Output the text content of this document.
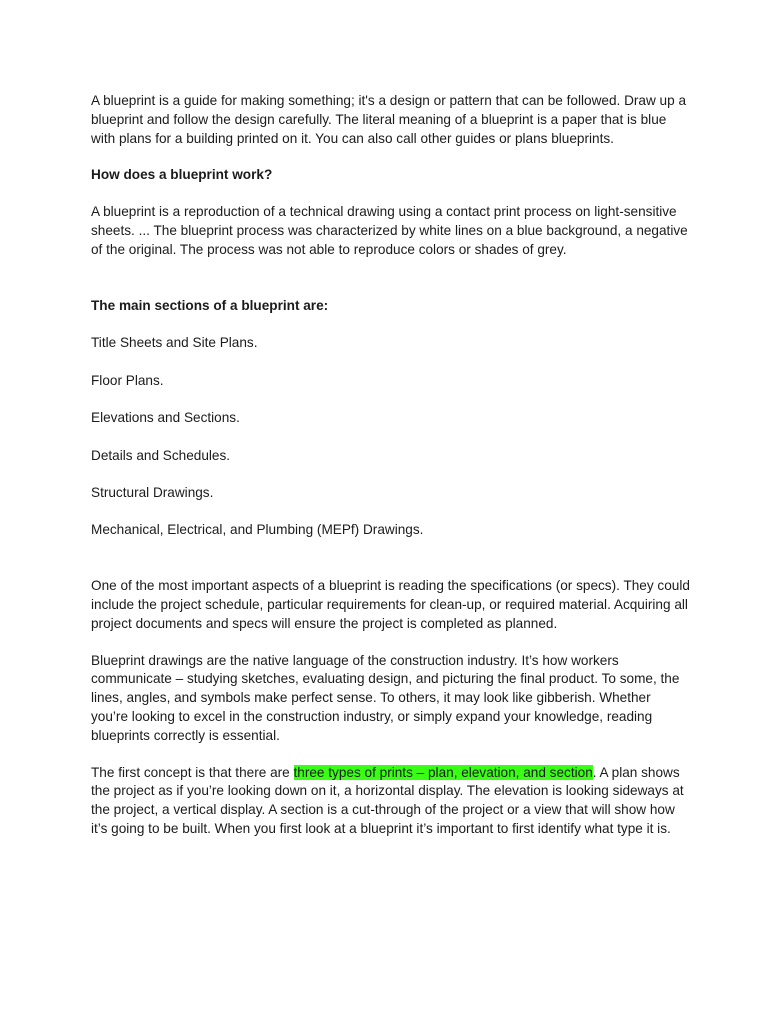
A blueprint is a guide for making something; it's a design or pattern that can be followed. Draw up a blueprint and follow the design carefully. The literal meaning of a blueprint is a paper that is blue with plans for a building printed on it. You can also call other guides or plans blueprints.

How does a blueprint work?

A blueprint is a reproduction of a technical drawing using a contact print process on light-sensitive sheets. ... The blueprint process was characterized by white lines on a blue background, a negative of the original. The process was not able to reproduce colors or shades of grey.

The main sections of a blueprint are:

Title Sheets and Site Plans.
Floor Plans.
Elevations and Sections.
Details and Schedules.
Structural Drawings.
Mechanical, Electrical, and Plumbing (MEPf) Drawings.

One of the most important aspects of a blueprint is reading the specifications (or specs). They could include the project schedule, particular requirements for clean-up, or required material. Acquiring all project documents and specs will ensure the project is completed as planned.

Blueprint drawings are the native language of the construction industry. It’s how workers communicate – studying sketches, evaluating design, and picturing the final product. To some, the lines, angles, and symbols make perfect sense. To others, it may look like gibberish. Whether you’re looking to excel in the construction industry, or simply expand your knowledge, reading blueprints correctly is essential.

The first concept is that there are three types of prints – plan, elevation, and section. A plan shows the project as if you’re looking down on it, a horizontal display. The elevation is looking sideways at the project, a vertical display. A section is a cut-through of the project or a view that will show how it’s going to be built. When you first look at a blueprint it’s important to first identify what type it is.
